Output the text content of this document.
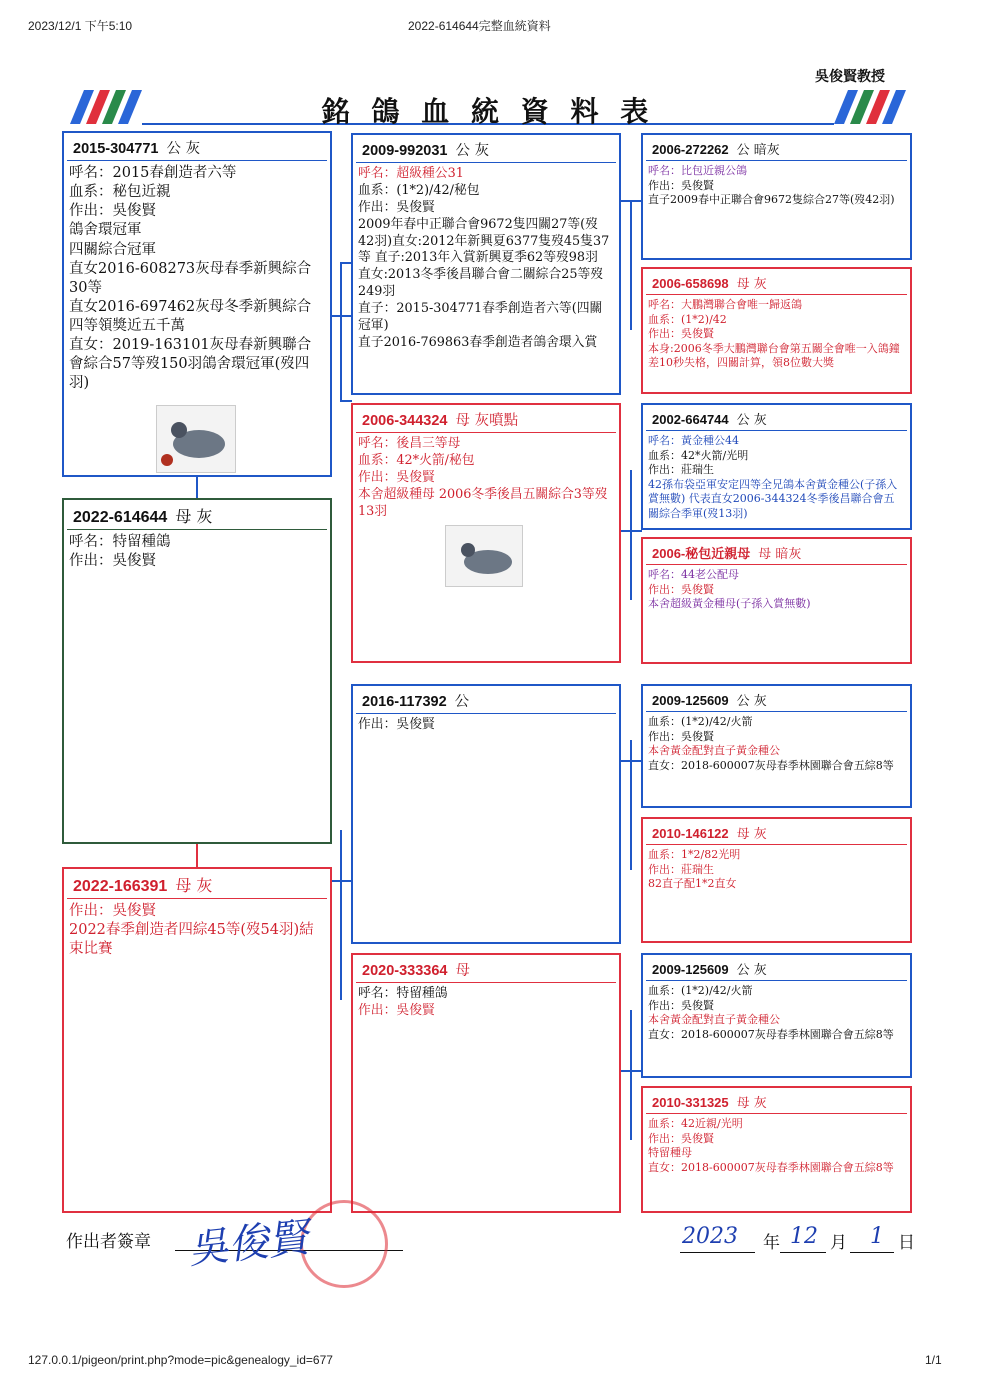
2023/12/1 下午5:10	2022-614644完整血統資料
吳俊賢教授
銘 鴿 血 統 資 料 表
2015-304771 公 灰
呼名：2015春創造者六等
血系：秘包近親
作出：吳俊賢
鴿舍環冠軍
四關綜合冠軍
直女2016-608273灰母春季新興綜合30等
直女2016-697462灰母冬季新興綜合四等領獎近五千萬
直女：2019-163101灰母春新興聯合會綜合57等歿150羽鴿舍環冠軍(歿四羽)
2022-614644 母 灰
呼名：特留種鴿
作出：吳俊賢
2022-166391 母 灰
作出：吳俊賢
2022春季創造者四綜45等(歿54羽)結束比賽
2009-992031 公 灰
呼名：超級種公31
血系：(1*2)/42/秘包
作出：吳俊賢
2009年春中正聯合會9672隻四關27等(歿42羽)直女:2012年新興夏6377隻歿45隻37等 直子:2013年入賞新興夏季62等歿98羽 直女:2013冬季後昌聯合會二關綜合25等歿249羽
直子：2015-304771春季創造者六等(四關冠軍)
直子2016-769863春季創造者鴿舍環入賞
2006-344324 母 灰噴點
呼名：後昌三等母
血系：42*火箭/秘包
作出：吳俊賢
本舍超級種母 2006冬季後昌五關綜合3等歿13羽
2016-117392 公
作出：吳俊賢
2020-333364 母
呼名：特留種鴿
作出：吳俊賢
2006-272262 公 暗灰
呼名：比包近親公鴿
作出：吳俊賢
直子2009春中正聯合會9672隻綜合27等(歿42羽)
2006-658698 母 灰
呼名：大鵬灣聯合會唯一歸返鴿
血系：(1*2)/42
作出：吳俊賢
本身:2006冬季大鵬灣聯台會第五關全會唯一入鴿鐘差10秒失格，四關計算，領8位數大獎
2002-664744 公 灰
呼名：黃金種公44
血系：42*火箭/光明
作出：莊瑞生
42孫布袋亞軍安定四等全兄鴿本舍黃金種公(子孫入賞無數) 代表直女2006-344324冬季後昌聯合會五關綜合季軍(歿13羽)
2006-秘包近親母 母 暗灰
呼名：44老公配母
作出：吳俊賢
本舍超級黃金種母(子孫入賞無數)
2009-125609 公 灰
血系：(1*2)/42/火箭
作出：吳俊賢
本舍黃金配對直子黃金種公
直女：2018-600007灰母春季林園聯合會五綜8等
2010-146122 母 灰
血系：1*2/82光明
作出：莊瑞生
82直子配1*2直女
2009-125609 公 灰
血系：(1*2)/42/火箭
作出：吳俊賢
本舍黃金配對直子黃金種公
直女：2018-600007灰母春季林園聯合會五綜8等
2010-331325 母 灰
血系：42近親/光明
作出：吳俊賢
特留種母
直女：2018-600007灰母春季林園聯合會五綜8等
作出者簽章 吳俊賢	2023 年 12 月 1 日
127.0.0.1/pigeon/print.php?mode=pic&genealogy_id=677	1/1
